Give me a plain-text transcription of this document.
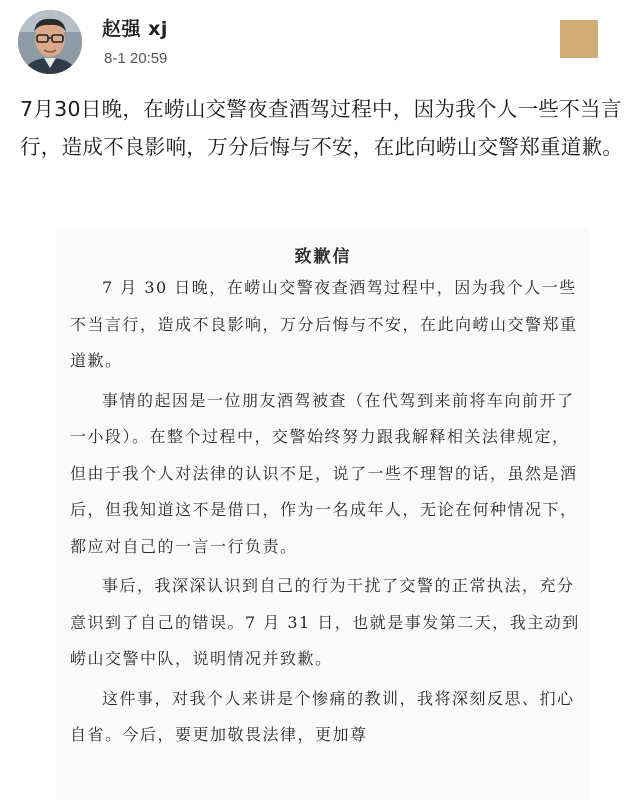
赵强 xj
8-1 20:59
7月30日晚，在崂山交警夜查酒驾过程中，因为我个人一些不当言行，造成不良影响，万分后悔与不安，在此向崂山交警郑重道歉。
致歉信

7 月 30 日晚，在崂山交警夜查酒驾过程中，因为我个人一些不当言行，造成不良影响，万分后悔与不安，在此向崂山交警郑重道歉。

事情的起因是一位朋友酒驾被查（在代驾到来前将车向前开了一小段）。在整个过程中，交警始终努力跟我解释相关法律规定，但由于我个人对法律的认识不足，说了一些不理智的话，虽然是酒后，但我知道这不是借口，作为一名成年人，无论在何种情况下，都应对自己的一言一行负责。

事后，我深深认识到自己的行为干扰了交警的正常执法，充分意识到了自己的错误。7 月 31 日，也就是事发第二天，我主动到崂山交警中队，说明情况并致歉。

这件事，对我个人来讲是个惨痛的教训，我将深刻反思、扪心自省。今后，要更加敬畏法律，更加尊
